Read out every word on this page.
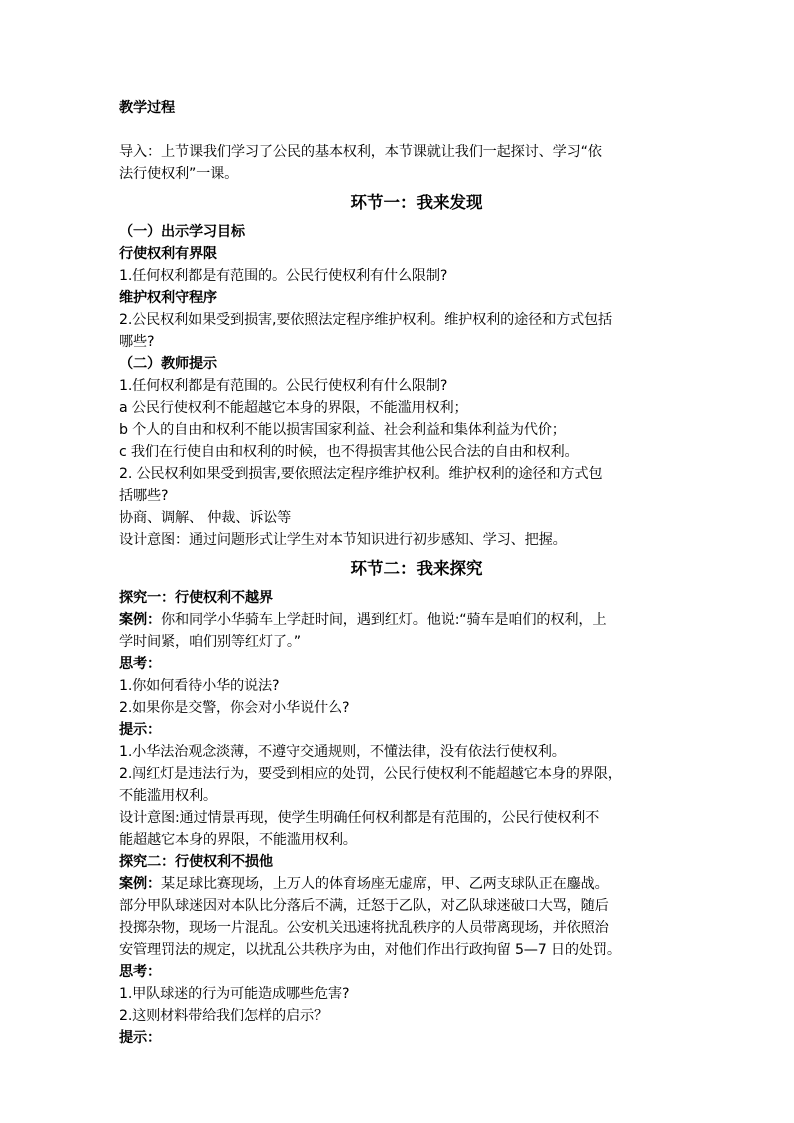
教学过程
导入：上节课我们学习了公民的基本权利，本节课就让我们一起探讨、学习“依
法行使权利”一课。
环节一：我来发现
（一）出示学习目标
行使权利有界限
1.任何权利都是有范围的。公民行使权利有什么限制?
维护权利守程序
2.公民权利如果受到损害,要依照法定程序维护权利。维护权利的途径和方式包括
哪些?
（二）教师提示
1.任何权利都是有范围的。公民行使权利有什么限制?
a 公民行使权利不能超越它本身的界限，不能滥用权利；
b 个人的自由和权利不能以损害国家利益、社会利益和集体利益为代价；
c 我们在行使自由和权利的时候，也不得损害其他公民合法的自由和权利。
2. 公民权利如果受到损害,要依照法定程序维护权利。维护权利的途径和方式包
括哪些?
协商、调解、 仲裁、诉讼等
设计意图：通过问题形式让学生对本节知识进行初步感知、学习、把握。
环节二：我来探究
探究一：行使权利不越界
案例：你和同学小华骑车上学赶时间，遇到红灯。他说:“骑车是咱们的权利，上
学时间紧，咱们别等红灯了。”
思考：
1.你如何看待小华的说法?
2.如果你是交警，你会对小华说什么?
提示：
1.小华法治观念淡薄，不遵守交通规则，不懂法律，没有依法行使权利。
2.闯红灯是违法行为，要受到相应的处罚，公民行使权利不能超越它本身的界限，
不能滥用权利。
设计意图:通过情景再现，使学生明确任何权利都是有范围的，公民行使权利不
能超越它本身的界限，不能滥用权利。
探究二：行使权利不损他
案例：某足球比赛现场，上万人的体育场座无虚席，甲、乙两支球队正在鏖战。
部分甲队球迷因对本队比分落后不满，迁怒于乙队，对乙队球迷破口大骂，随后
投掷杂物，现场一片混乱。公安机关迅速将扰乱秩序的人员带离现场，并依照治
安管理罚法的规定，以扰乱公共秩序为由，对他们作出行政拘留 5—7 日的处罚。
思考：
1.甲队球迷的行为可能造成哪些危害?
2.这则材料带给我们怎样的启示？
提示：
